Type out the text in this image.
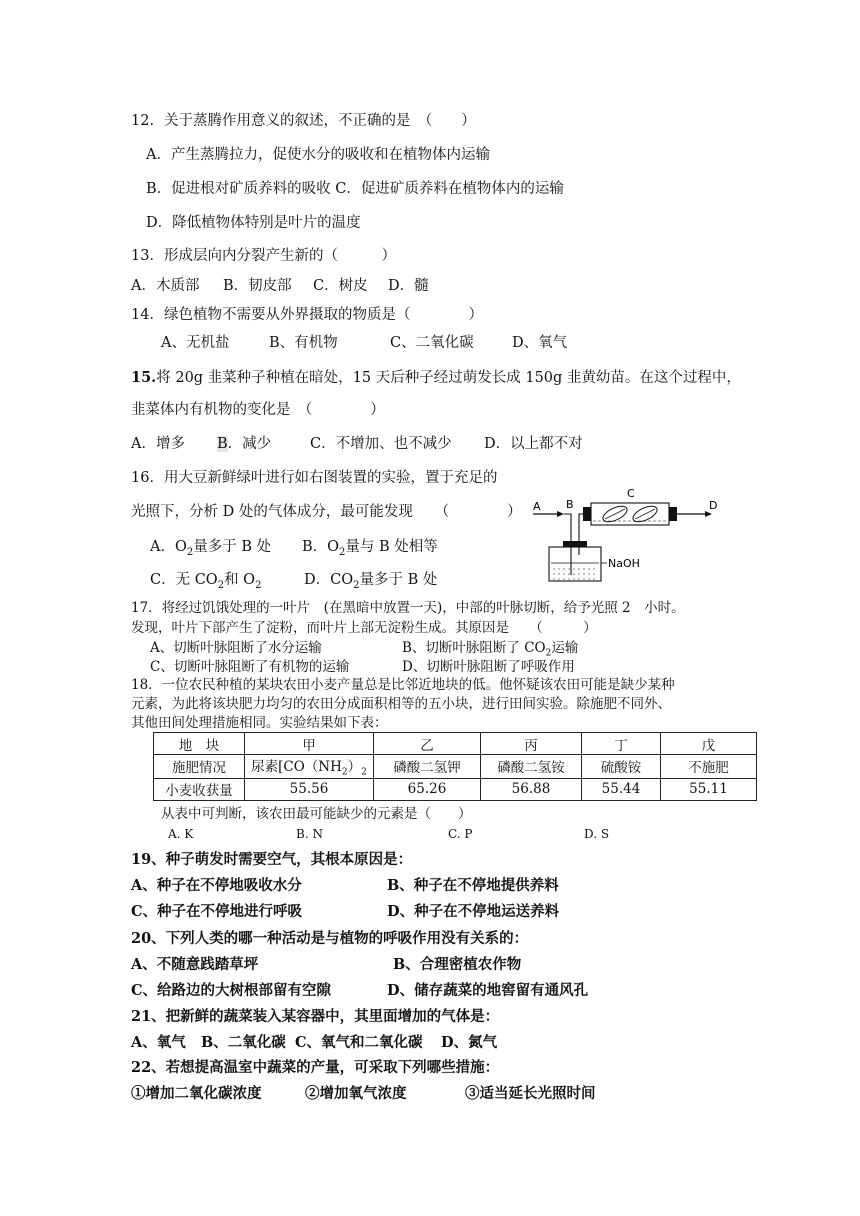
12．关于蒸腾作用意义的叙述，不正确的是　（　　）
A．产生蒸腾拉力，促使水分的吸收和在植物体内运输
B．促进根对矿质养料的吸收 C．促进矿质养料在植物体内的运输
D．降低植物体特别是叶片的温度
13．形成层向内分裂产生新的（　　　）
A．木质部 B．韧皮部 C．树皮 D．髓
14．绿色植物不需要从外界摄取的物质是（　　　　）
A、无机盐	B、有机物	C、二氧化碳	D、氧气
15.将 20g 韭菜种子种植在暗处，15 天后种子经过萌发长成 150g 韭黄幼苗。在这个过程中，
韭菜体内有机物的变化是　（　　　　）
A．增多 B．减少	C．不增加、也不减少 D．以上都不对
16．用大豆新鲜绿叶进行如右图装置的实验，置于充足的
光照下，分析 D 处的气体成分，最可能发现　　（　　　　）
A．$O_2$量多于 B 处 B．$O_2$量与 B 处相等
C．无 $CO_2$和 $O_2$	D．$CO_2$量多于 B 处
A B
C
D
NaOH
17．将经过饥饿处理的一叶片　(在黑暗中放置一天)，中部的叶脉切断，给予光照 2　小时。
发现，叶片下部产生了淀粉，而叶片上部无淀粉生成。其原因是　　（　　　）
A、切断叶脉阻断了水分运输	B、切断叶脉阻断了 $CO_2$运输
C、切断叶脉阻断了有机物的运输	D、切断叶脉阻断了呼吸作用
18．一位农民种植的某块农田小麦产量总是比邻近地块的低。他怀疑该农田可能是缺少某种
元素，为此将该块肥力均匀的农田分成面积相等的五小块，进行田间实验。除施肥不同外、
其他田间处理措施相同。实验结果如下表：
地　块	甲	乙	丙	丁	戊
施肥情况	尿素[$CO(NH_2)_2$	磷酸二氢钾	磷酸二氢铵	硫酸铵	不施肥
小麦收获量	55.56	65.26	56.88	55.44	55.11
从表中可判断，该农田最可能缺少的元素是（　　）
A. K	B. N	C. P	D. S
19、种子萌发时需要空气，其根本原因是：
A、种子在不停地吸收水分	B、种子在不停地提供养料
C、种子在不停地进行呼吸	D、种子在不停地运送养料
20、下列人类的哪一种活动是与植物的呼吸作用没有关系的：
A、不随意践踏草坪	B、合理密植农作物
C、给路边的大树根部留有空隙	D、储存蔬菜的地窖留有通风孔
21、把新鲜的蔬菜装入某容器中，其里面增加的气体是：
A、氧气 B、二氧化碳 C、氧气和二氧化碳 D、氮气
22、若想提高温室中蔬菜的产量，可采取下列哪些措施：
①增加二氧化碳浓度	②增加氧气浓度	③适当延长光照时间
